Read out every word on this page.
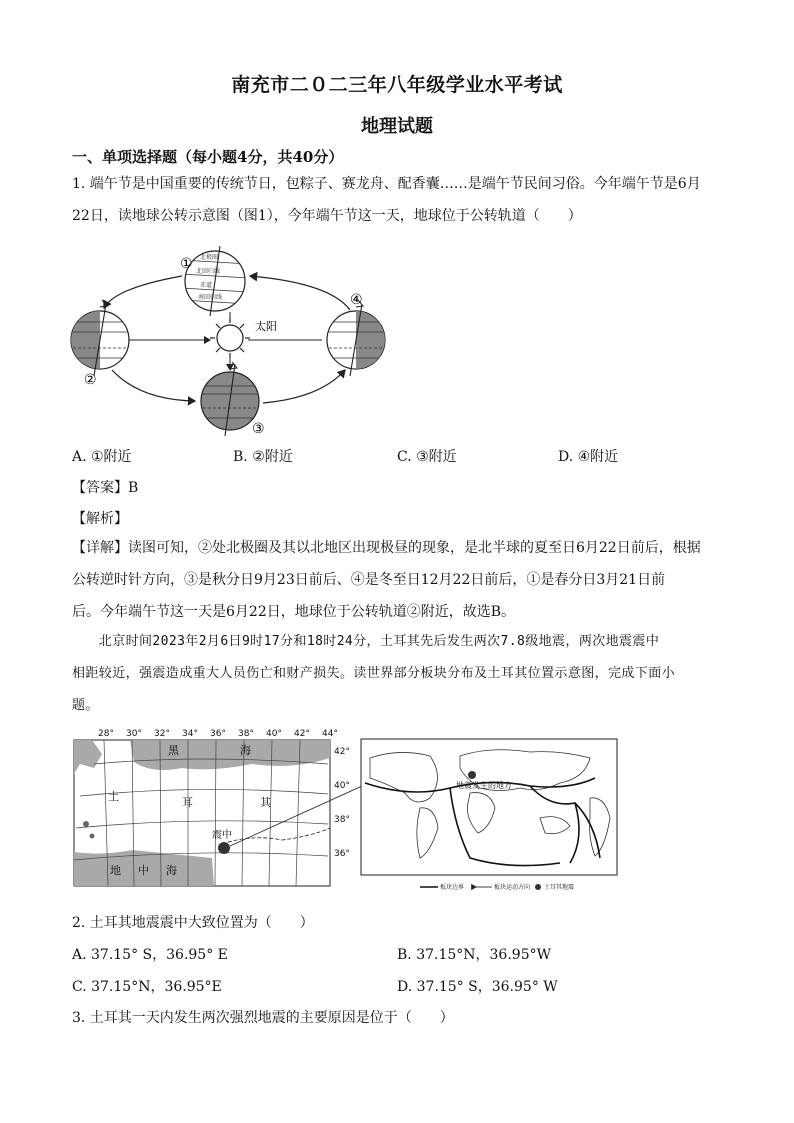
南充市二０二三年八年级学业水平考试
地理试题
一、单项选择题（每小题4分，共40分）
1. 端午节是中国重要的传统节日，包粽子、赛龙舟、配香囊……是端午节民间习俗。今年端午节是6月
22日，读地球公转示意图（图1），今年端午节这一天，地球位于公转轨道（　　）
太阳
北极圈
北回归线
赤道
南回归线
①
②
③
④
A. ①附近	B. ②附近	C. ③附近	D. ④附近
【答案】B
【解析】
【详解】读图可知，②处北极圈及其以北地区出现极昼的现象，是北半球的夏至日6月22日前后，根据
公转逆时针方向，③是秋分日9月23日前后、④是冬至日12月22日前后，①是春分日3月21日前
后。今年端午节这一天是6月22日，地球位于公转轨道②附近，故选B。
　　北京时间2023年2月6日9时17分和18时24分，土耳其先后发生两次7.8级地震，两次地震震中
相距较近，强震造成重大人员伤亡和财产损失。读世界部分板块分布及土耳其位置示意图，完成下面小
题。
28° 30° 32° 34° 36° 38° 40° 42° 44°
42°
40°
38°
36°
黑	海
土	耳	其
地 中 海
震中
地震发生的地方
板块边界	板块运动方向 土耳其地震
2. 土耳其地震震中大致位置为（　　）
A. 37.15° S，36.95° E	B. 37.15°N，36.95°W
C. 37.15°N，36.95°E	D. 37.15° S，36.95° W
3. 土耳其一天内发生两次强烈地震的主要原因是位于（　　）
